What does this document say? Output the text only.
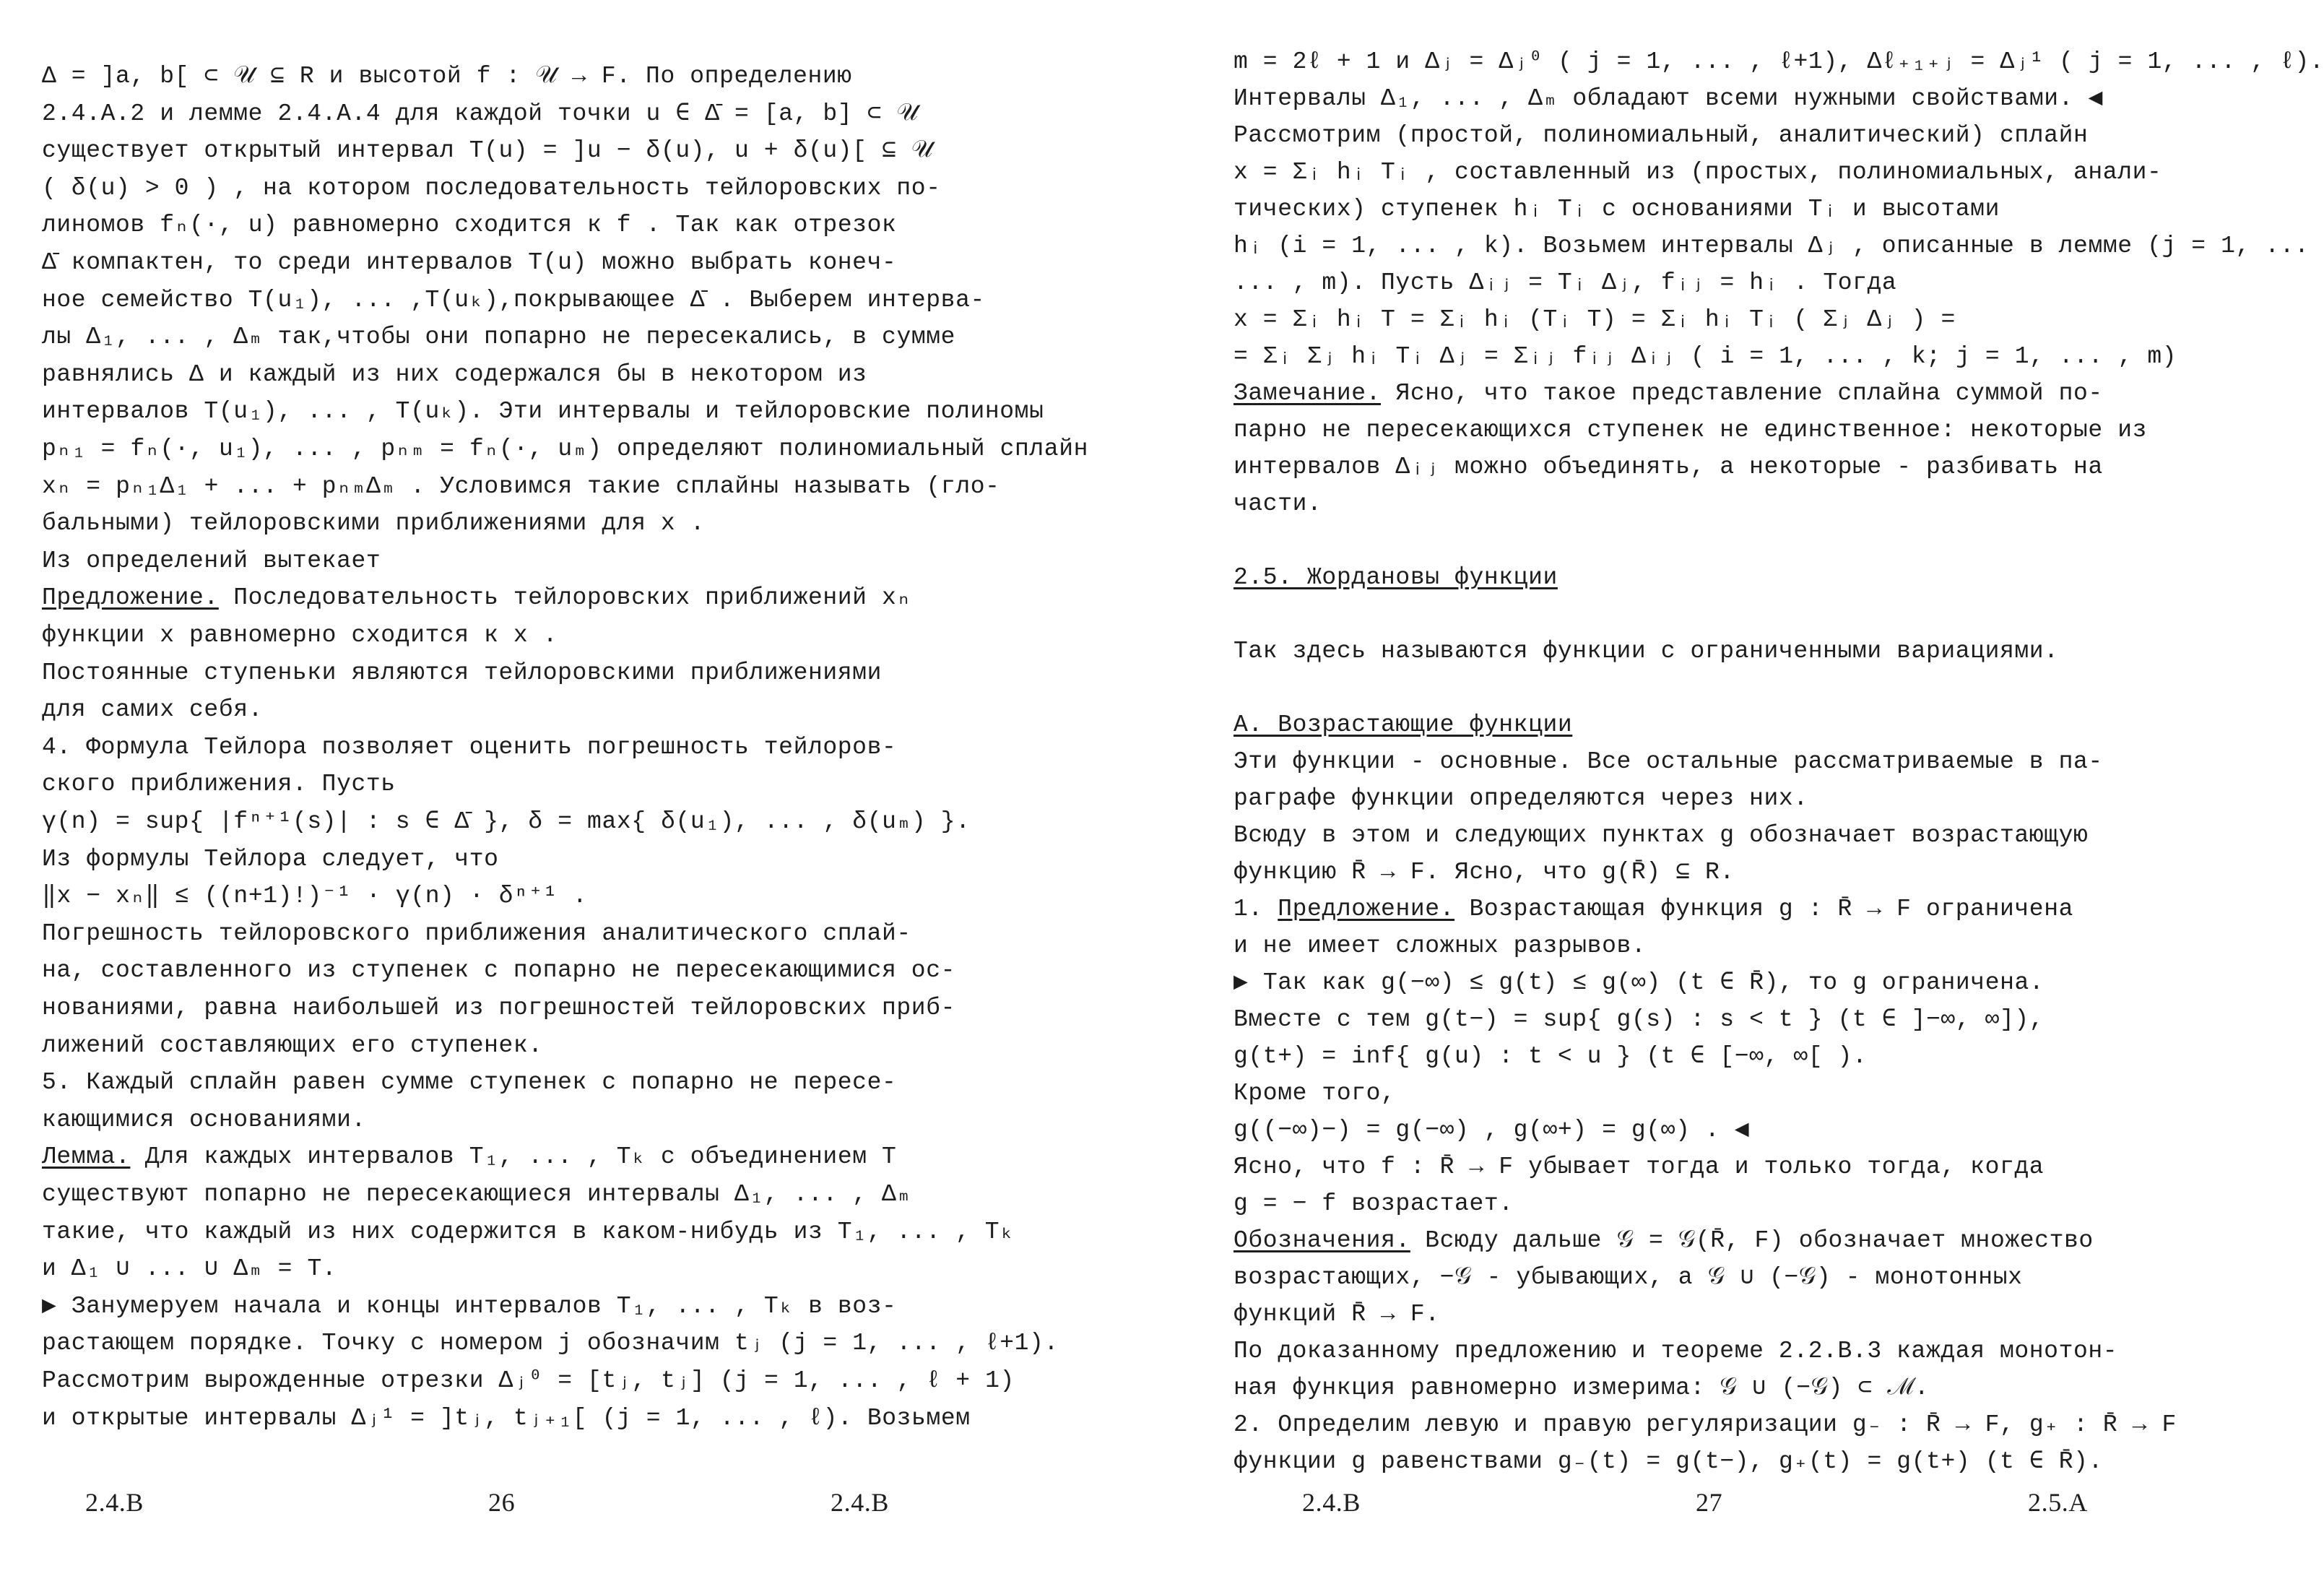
Δ = ]a, b[ ⊂ 𝒰 ⊆ R и высотой f : 𝒰 → F. По определению
2.4.A.2 и лемме 2.4.A.4 для каждой точки u ∈ Δ̄ = [a, b] ⊂ 𝒰
существует открытый интервал T(u) = ]u − δ(u), u + δ(u)[ ⊆ 𝒰
( δ(u) > 0 ) , на котором последовательность тейлоровских по-
линомов fₙ(·, u) равномерно сходится к f . Так как отрезок
Δ̄ компактен, то среди интервалов T(u) можно выбрать конеч-
ное семейство T(u₁), ... ,T(uₖ),покрывающее Δ̄ . Выберем интерва-
лы Δ₁, ... , Δₘ так,чтобы они попарно не пересекались, в сумме
равнялись Δ и каждый из них содержался бы в некотором из
интервалов T(u₁), ... , T(uₖ). Эти интервалы и тейлоровские полиномы
pₙ₁ = fₙ(·, u₁), ... , pₙₘ = fₙ(·, uₘ) определяют полиномиальный сплайн
xₙ = pₙ₁Δ₁ + ... + pₙₘΔₘ . Условимся такие сплайны называть (гло-
бальными) тейлоровскими приближениями для x .
Из определений вытекает
Предложение. Последовательность тейлоровских приближений xₙ
функции x равномерно сходится к x .
Постоянные ступеньки являются тейлоровскими приближениями
для самих себя.
4. Формула Тейлора позволяет оценить погрешность тейлоров-
ского приближения. Пусть
γ(n) = sup{ |fⁿ⁺¹(s)| : s ∈ Δ̄ }, δ = max{ δ(u₁), ... , δ(uₘ) }.
Из формулы Тейлора следует, что
‖x − xₙ‖ ≤ ((n+1)!)⁻¹ · γ(n) · δⁿ⁺¹ .
Погрешность тейлоровского приближения аналитического сплай-
на, составленного из ступенек с попарно не пересекающимися ос-
нованиями, равна наибольшей из погрешностей тейлоровских приб-
лижений составляющих его ступенек.
5. Каждый сплайн равен сумме ступенек с попарно не пересе-
кающимися основаниями.
Лемма. Для каждых интервалов T₁, ... , Tₖ с объединением T
существуют попарно не пересекающиеся интервалы Δ₁, ... , Δₘ
такие, что каждый из них содержится в каком-нибудь из T₁, ... , Tₖ
и Δ₁ ∪ ... ∪ Δₘ = T.
▶ Занумеруем начала и концы интервалов T₁, ... , Tₖ в воз-
растающем порядке. Точку с номером j обозначим tⱼ (j = 1, ... , ℓ+1).
Рассмотрим вырожденные отрезки Δⱼ⁰ = [tⱼ, tⱼ] (j = 1, ... , ℓ + 1)
и открытые интервалы Δⱼ¹ = ]tⱼ, tⱼ₊₁[ (j = 1, ... , ℓ). Возьмем
2.4.B	26	2.4.B
m = 2ℓ + 1 и Δⱼ = Δⱼ⁰ ( j = 1, ... , ℓ+1), Δℓ₊₁₊ⱼ = Δⱼ¹ ( j = 1, ... , ℓ).
Интервалы Δ₁, ... , Δₘ обладают всеми нужными свойствами. ◀
Рассмотрим (простой, полиномиальный, аналитический) сплайн
x = Σᵢ hᵢ Tᵢ , составленный из (простых, полиномиальных, анали-
тических) ступенек hᵢ Tᵢ с основаниями Tᵢ и высотами
hᵢ (i = 1, ... , k). Возьмем интервалы Δⱼ , описанные в лемме (j = 1, ...
... , m). Пусть Δᵢⱼ = Tᵢ Δⱼ, fᵢⱼ = hᵢ . Тогда
x = Σᵢ hᵢ T = Σᵢ hᵢ (Tᵢ T) = Σᵢ hᵢ Tᵢ ( Σⱼ Δⱼ ) =
= Σᵢ Σⱼ hᵢ Tᵢ Δⱼ = Σᵢⱼ fᵢⱼ Δᵢⱼ ( i = 1, ... , k; j = 1, ... , m)
Замечание. Ясно, что такое представление сплайна суммой по-
парно не пересекающихся ступенек не единственное: некоторые из
интервалов Δᵢⱼ можно объединять, а некоторые - разбивать на
части.
2.5. Жордановы функции
Так здесь называются функции с ограниченными вариациями.
A. Возрастающие функции
Эти функции - основные. Все остальные рассматриваемые в па-
раграфе функции определяются через них.
Всюду в этом и следующих пунктах g обозначает возрастающую
функцию R̄ → F. Ясно, что g(R̄) ⊆ R.
1. Предложение. Возрастающая функция g : R̄ → F ограничена
и не имеет сложных разрывов.
▶ Так как g(−∞) ≤ g(t) ≤ g(∞) (t ∈ R̄), то g ограничена.
Вместе с тем g(t−) = sup{ g(s) : s < t } (t ∈ ]−∞, ∞]),
g(t+) = inf{ g(u) : t < u } (t ∈ [−∞, ∞[ ).
Кроме того,
g((−∞)−) = g(−∞) , g(∞+) = g(∞) . ◀
Ясно, что f : R̄ → F убывает тогда и только тогда, когда
g = − f возрастает.
Обозначения. Всюду дальше 𝒢 = 𝒢(R̄, F) обозначает множество
возрастающих, −𝒢 - убывающих, а 𝒢 ∪ (−𝒢) - монотонных
функций R̄ → F.
По доказанному предложению и теореме 2.2.B.3 каждая монотон-
ная функция равномерно измерима: 𝒢 ∪ (−𝒢) ⊂ ℳ.
2. Определим левую и правую регуляризации g₋ : R̄ → F, g₊ : R̄ → F
функции g равенствами g₋(t) = g(t−), g₊(t) = g(t+) (t ∈ R̄).
2.4.B	27	2.5.A
